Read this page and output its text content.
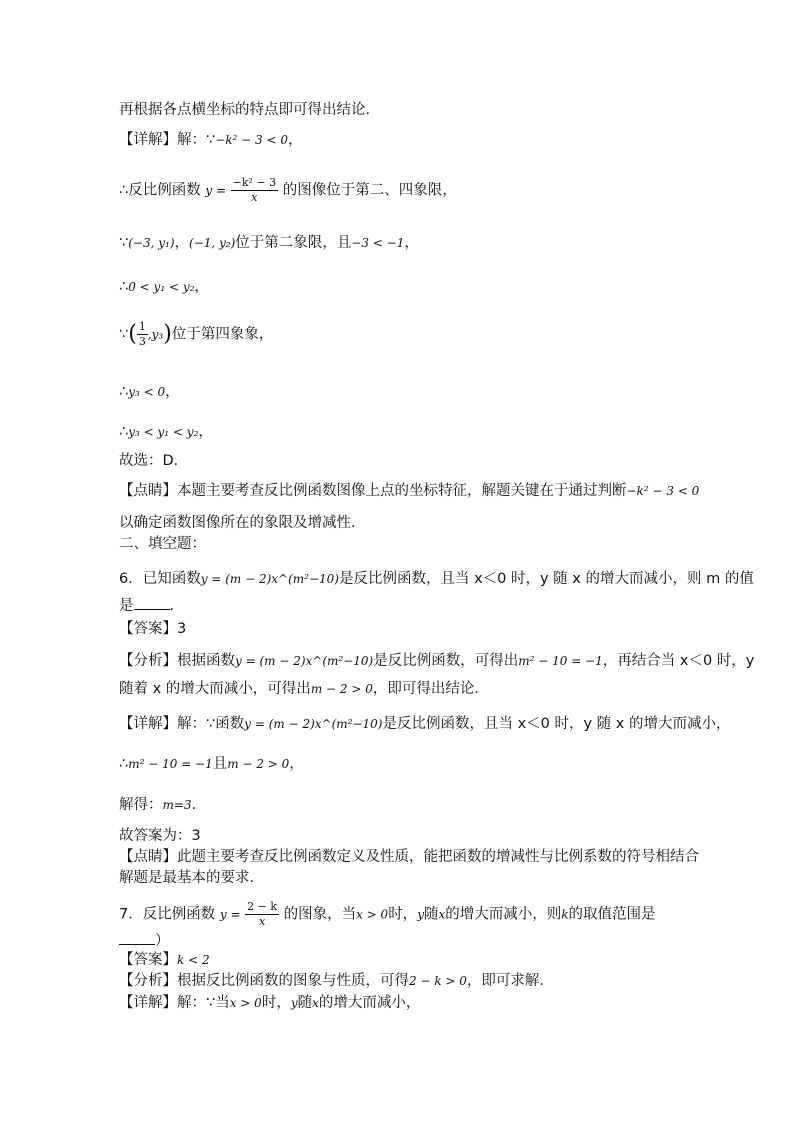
再根据各点横坐标的特点即可得出结论．
【详解】解：∵−k² − 3 < 0，
∴反比例函数 $y = \frac{\text{−k² − 3}}{x}$ 的图像位于第二、四象限，
∵(−3, y₁)，(−1, y₂)位于第二象限，且−3 < −1，
∴0 < y₁ < y₂，
∵( $\frac{1}{3} ,y_3$)位于第四象象，
∴y₃ < 0，
∴y₃ < y₁ < y₂，
故选：D．
【点睛】本题主要考查反比例函数图像上点的坐标特征，解题关键在于通过判断−k² − 3 < 0
以确定函数图像所在的象限及增减性．
二、填空题：
6．已知函数y = (m − 2)x^(m²−10)是反比例函数，且当 x＜0 时，y 随 x 的增大而减小，则 m 的值
是 ．
【答案】3
【分析】根据函数y = (m − 2)x^(m²−10)是反比例函数，可得出m² − 10 = −1，再结合当 x＜0 时，y
随着 x 的增大而减小，可得出m − 2 > 0，即可得出结论．
【详解】解：∵函数y = (m − 2)x^(m²−10)是反比例函数，且当 x＜0 时，y 随 x 的增大而减小，
∴m² − 10 = −1且m − 2 > 0，
解得：m=3．
故答案为：3
【点睛】此题主要考查反比例函数定义及性质，能把函数的增减性与比例系数的符号相结合
解题是最基本的要求．
7．反比例函数 $y = \frac{2 - k}{x}$ 的图象，当x > 0时，y随x的增大而减小，则k的取值范围是
）
【答案】k < 2
【分析】根据反比例函数的图象与性质，可得2 − k > 0，即可求解．
【详解】解：∵当x > 0时，y随x的增大而减小，
